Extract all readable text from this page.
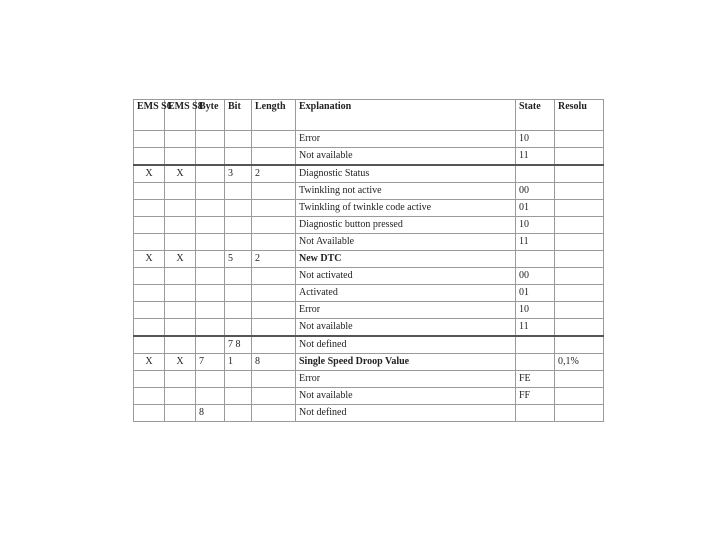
EMS S6	EMS S8	Byte	Bit	Length	Explanation	State	Resolu
					Error	10	
					Not available	11	
X	X		3	2	Diagnostic Status		
					Twinkling not active	00	
					Twinkling of twinkle code active	01	
					Diagnostic button pressed	10	
					Not Available	11	
X	X		5	2	New DTC		
					Not activated	00	
					Activated	01	
					Error	10	
					Not available	11	
			7 8		Not defined		
X	X	7	1	8	Single Speed Droop Value		0,1%
					Error	FE	
					Not available	FF	
		8			Not defined		
